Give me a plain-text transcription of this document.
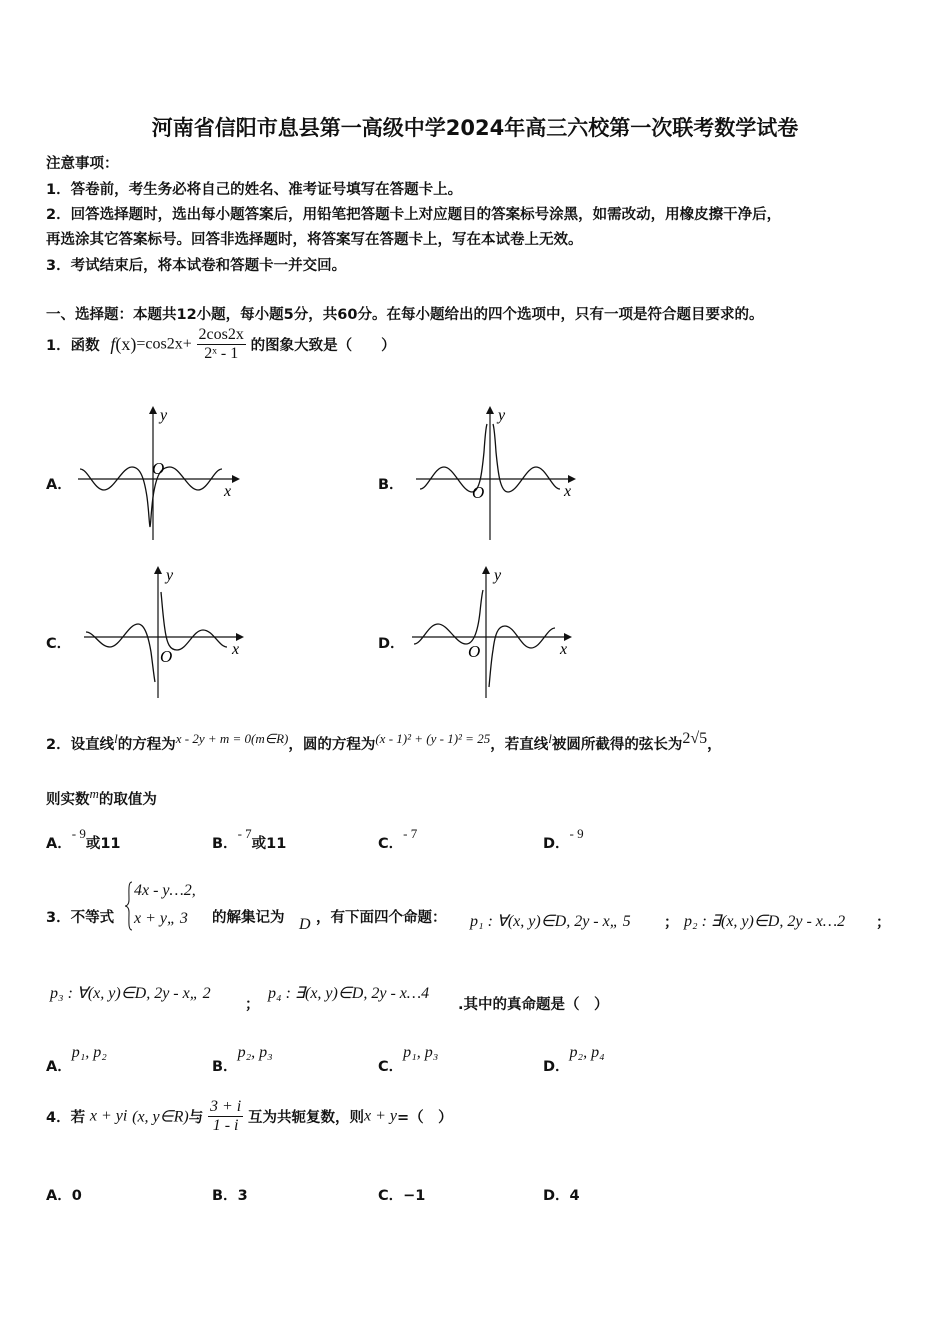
河南省信阳市息县第一高级中学2024年高三六校第一次联考数学试卷
注意事项：
1．答卷前，考生务必将自己的姓名、准考证号填写在答题卡上。
2．回答选择题时，选出每小题答案后，用铅笔把答题卡上对应题目的答案标号涂黑，如需改动，用橡皮擦干净后，
再选涂其它答案标号。回答非选择题时，将答案写在答题卡上，写在本试卷上无效。
3．考试结束后，将本试卷和答题卡一并交回。
一、选择题：本题共12小题，每小题5分，共60分。在每小题给出的四个选项中，只有一项是符合题目要求的。
1．函数 $f(x)=\cos 2x+ \frac{2\cos 2x}{\text{2ˣ - 1}}$ 的图象大致是（　　）
A．	B．
C．	D．
y
x
O
y
x
O
y
x
O
y
x
O
2．设直线l的方程为x - 2y + m = 0(m∈R)，圆的方程为(x - 1)² + (y - 1)² = 25，若直线l被圆所截得的弦长为2√5，
则实数m的取值为
A．- 9或11	B．- 7或11	C．- 7
D．- 9
3．不等式
4x - y…2,
x + y„ 3 的解集记为 D ，有下面四个命题： p₁ : ∀(x, y)∈D, 2y - x„ 5 ； p₂ : ∃(x, y)∈D, 2y - x…2 ；
p₃ : ∀(x, y)∈D, 2y - x„ 2
；
p₄ : ∃(x, y)∈D, 2y - x…4
.其中的真命题是（　）
A．p₁, p₂
B．p₂, p₃
C．p₁, p₃
D．p₂, p₄
4．若 x + yi (x, y∈R)与 $\frac{3 + i}{1 - i}$ 互为共轭复数，则x + y=（　）
A．0	B．3	C．−1	D．4
